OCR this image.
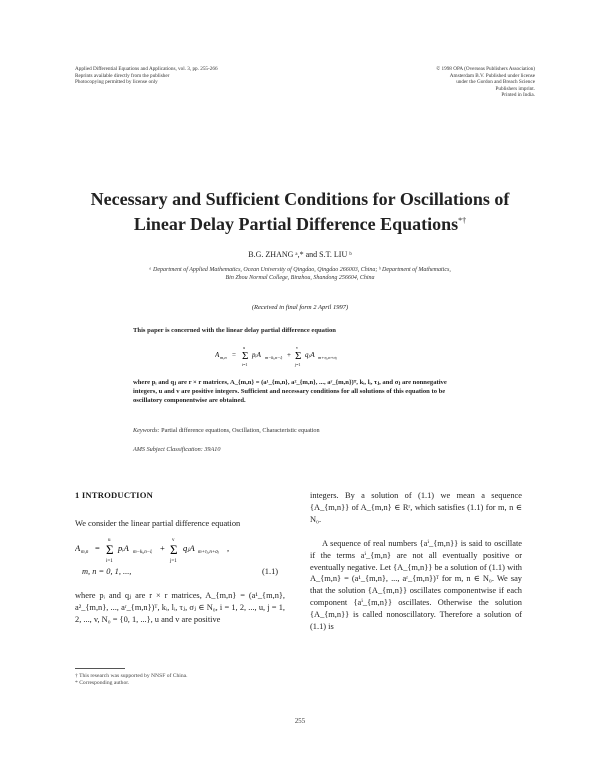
Applied Differential Equations and Applications, vol. 3, pp. 255-266
Reprints available directly from the publisher
Photocopying permitted by license only
© 1998 OPA (Overseas Publishers Association)
Amsterdam B.V. Published under license
under the Gordon and Breach Science
Publishers imprint.
Printed in India.
Necessary and Sufficient Conditions for Oscillations of
Linear Delay Partial Difference Equations*†
B.G. ZHANG ᵃ,* and S.T. LIU ᵇ
ᵃ Department of Applied Mathematics, Ocean University of Qingdao, Qingdao 266003, China; ᵇ Department of Mathematics,
Bin Zhou Normal College, Binzhou, Shandong 256604, China
(Received in final form 2 April 1997)
This paper is concerned with the linear delay partial difference equation
A m,n = Σ
u
i=1
pᵢA m−kᵢ,n−lᵢ + Σ
v
j=1
qⱼA m+τⱼ,n+σⱼ
where pᵢ and qⱼ are r × r matrices, A_{m,n} = (a¹_{m,n}, a²_{m,n}, ..., aʳ_{m,n})ᵀ, kᵢ, lᵢ, τⱼ, and σⱼ are nonnegative integers, u and v are positive integers. Sufficient and necessary conditions for all solutions of this equation to be oscillatory componentwise are obtained.
Keywords: Partial difference equations, Oscillation, Characteristic equation
AMS Subject Classification: 39A10
1 INTRODUCTION
We consider the linear partial difference equation
A m,n = Σ
u
i=1
pᵢA m−kᵢ,n−lᵢ + Σ
v
j=1
qⱼA m+τⱼ,n+σⱼ ,
m, n = 0, 1, ...,	(1.1)
where pᵢ and qⱼ are r × r matrices, A_{m,n} = (a¹_{m,n}, a²_{m,n}, ..., aʳ_{m,n})ᵀ, kᵢ, lᵢ, τⱼ, σⱼ ∈ N₀, i = 1, 2, ..., u, j = 1, 2, ..., v, N₀ = {0, 1, ...}, u and v are positive
† This research was supported by NNSF of China.
* Corresponding author.
integers. By a solution of (1.1) we mean a sequence {A_{m,n}} of A_{m,n} ∈ Rʳ, which satisfies (1.1) for m, n ∈ N₀.
A sequence of real numbers {aⁱ_{m,n}} is said to oscillate if the terms aⁱ_{m,n} are not all eventually positive or eventually negative. Let {A_{m,n}} be a solution of (1.1) with A_{m,n} = (a¹_{m,n}, ..., aʳ_{m,n})ᵀ for m, n ∈ N₀. We say that the solution {A_{m,n}} oscillates componentwise if each component {aⁱ_{m,n}} oscillates. Otherwise the solution {A_{m,n}} is called nonoscillatory. Therefore a solution of (1.1) is
255
